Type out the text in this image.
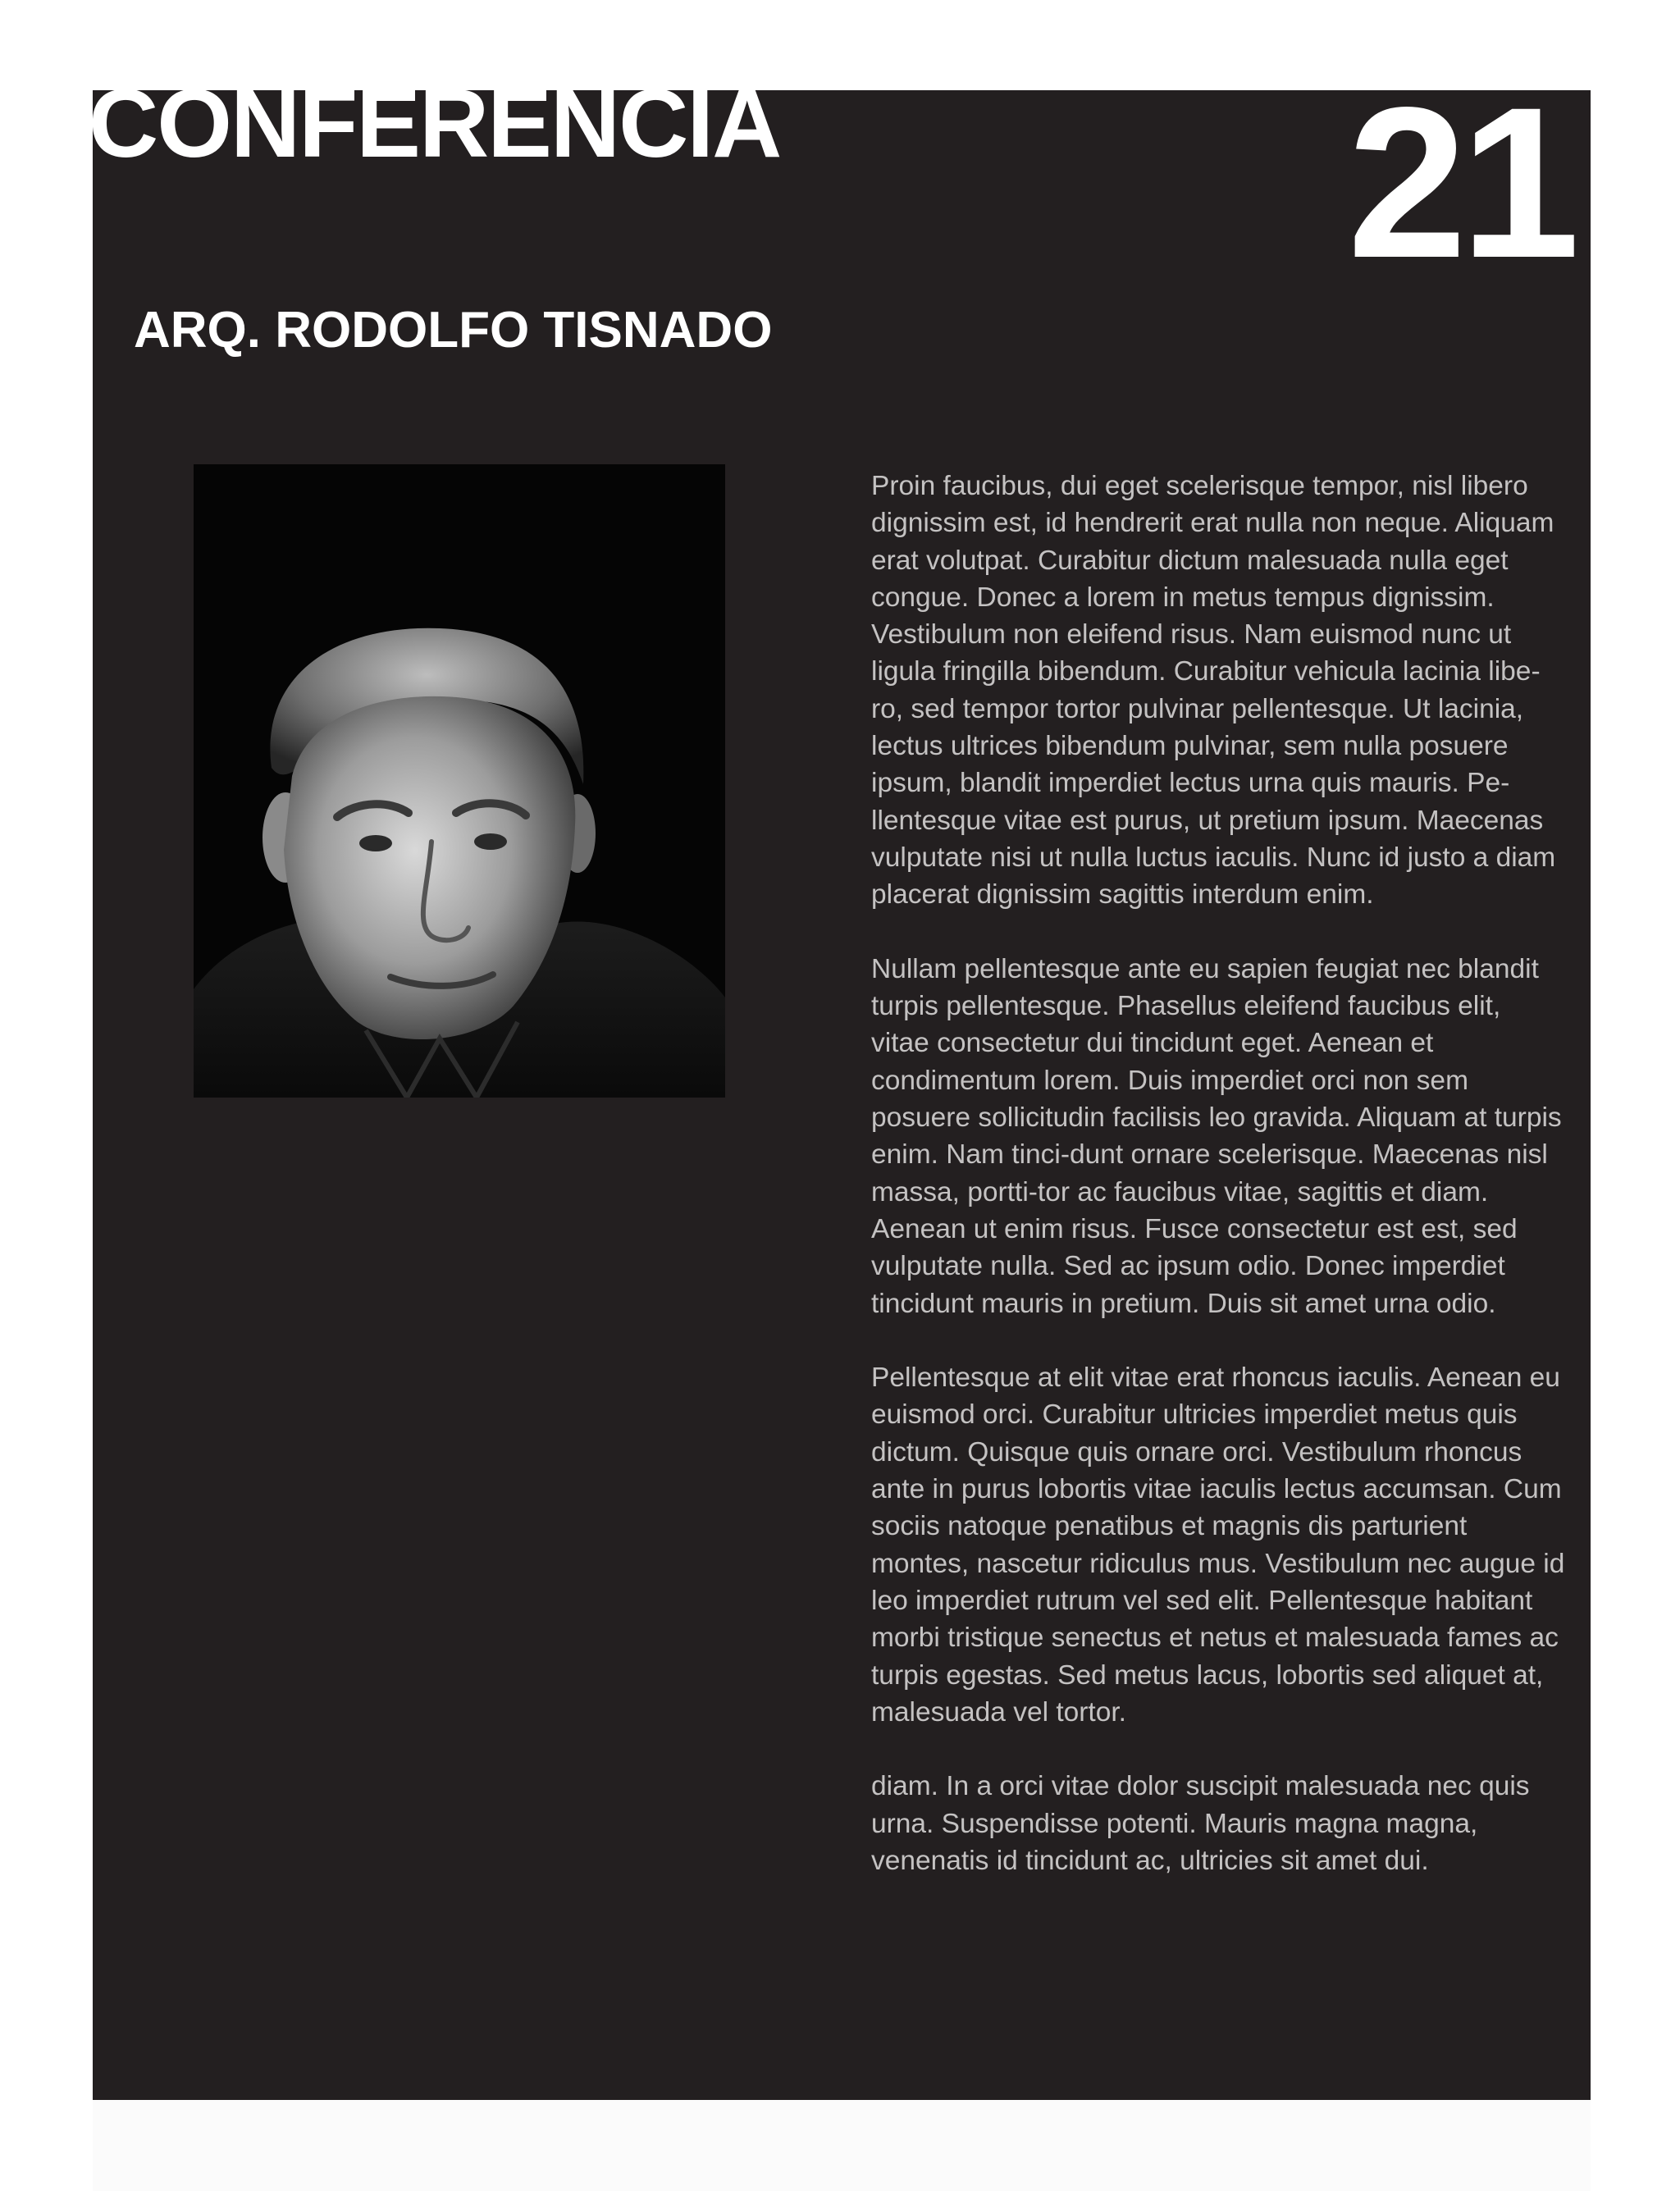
CONFERENCIA	21
ARQ. RODOLFO TISNADO

Proin faucibus, dui eget scelerisque tempor, nisl libero dignissim est, id hendrerit erat nulla non neque. Aliquam erat volutpat. Curabitur dictum malesuada nulla eget congue. Donec a lorem in metus tempus dignissim. Vestibulum non eleifend risus. Nam euismod nunc ut ligula fringilla bibendum. Curabitur vehicula lacinia libe-ro, sed tempor tortor pulvinar pellentesque. Ut lacinia, lectus ultrices bibendum pulvinar, sem nulla posuere ipsum, blandit imperdiet lectus urna quis mauris. Pe-llentesque vitae est purus, ut pretium ipsum. Maecenas vulputate nisi ut nulla luctus iaculis. Nunc id justo a diam placerat dignissim sagittis interdum enim.

Nullam pellentesque ante eu sapien feugiat nec blandit turpis pellentesque. Phasellus eleifend faucibus elit, vitae consectetur dui tincidunt eget. Aenean et condimentum lorem. Duis imperdiet orci non sem posuere sollicitudin facilisis leo gravida. Aliquam at turpis enim. Nam tinci-dunt ornare scelerisque. Maecenas nisl massa, portti-tor ac faucibus vitae, sagittis et diam. Aenean ut enim risus. Fusce consectetur est est, sed vulputate nulla. Sed ac ipsum odio. Donec imperdiet tincidunt mauris in pretium. Duis sit amet urna odio.

Pellentesque at elit vitae erat rhoncus iaculis. Aenean eu euismod orci. Curabitur ultricies imperdiet metus quis dictum. Quisque quis ornare orci. Vestibulum rhoncus ante in purus lobortis vitae iaculis lectus accumsan. Cum sociis natoque penatibus et magnis dis parturient montes, nascetur ridiculus mus. Vestibulum nec augue id leo imperdiet rutrum vel sed elit. Pellentesque habitant morbi tristique senectus et netus et malesuada fames ac turpis egestas. Sed metus lacus, lobortis sed aliquet at, malesuada vel tortor.

diam. In a orci vitae dolor suscipit malesuada nec quis urna. Suspendisse potenti. Mauris magna magna, venenatis id tincidunt ac, ultricies sit amet dui.
